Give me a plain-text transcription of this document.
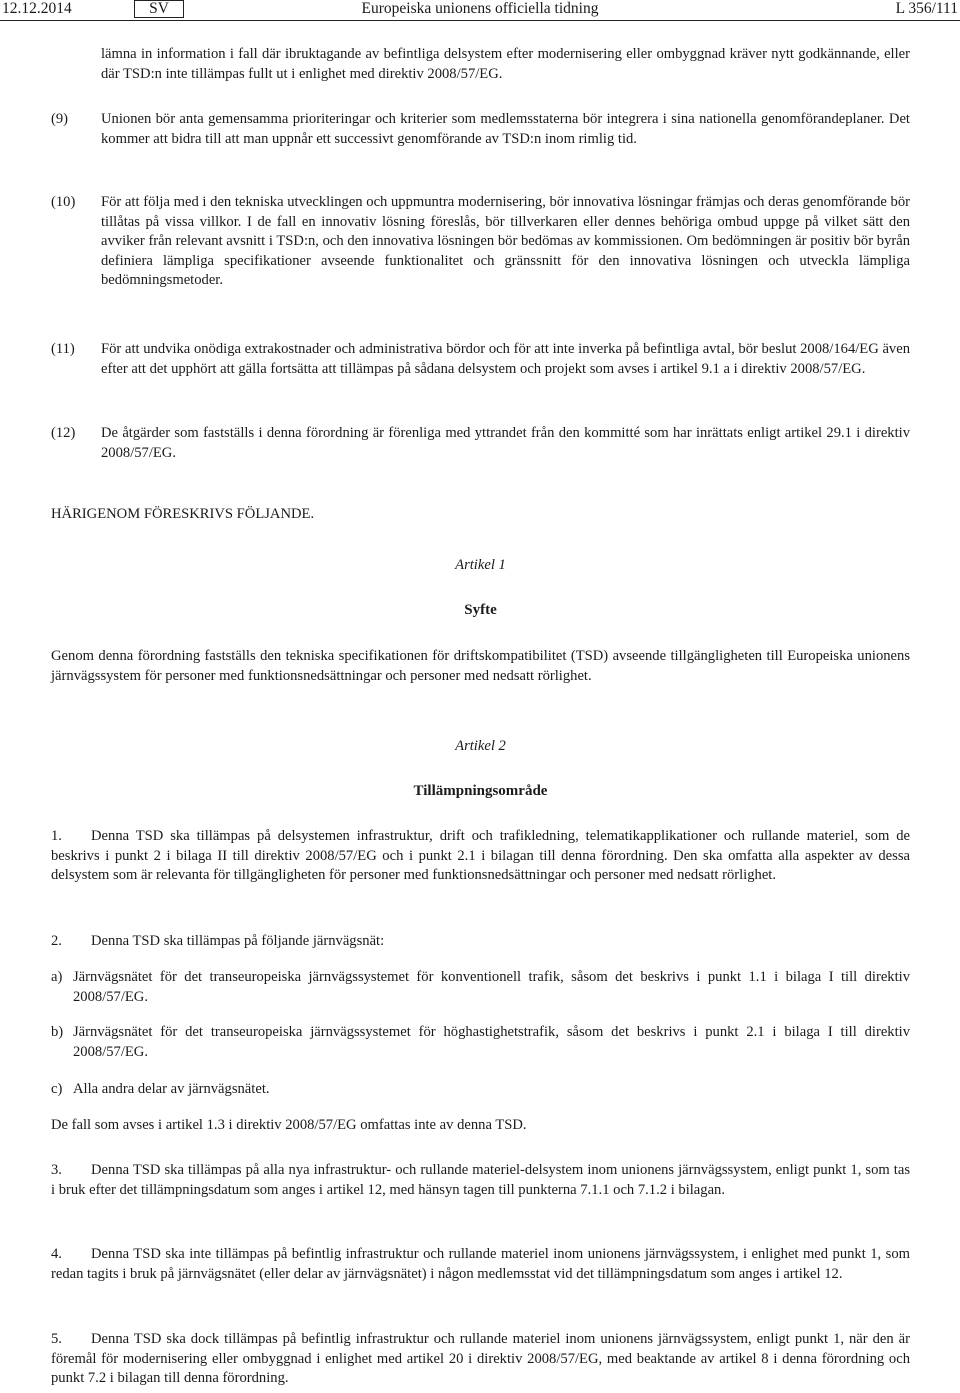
12.12.2014	SV	Europeiska unionens officiella tidning	L 356/111
lämna in information i fall där ibruktagande av befintliga delsystem efter modernisering eller ombyggnad kräver nytt godkännande, eller där TSD:n inte tillämpas fullt ut i enlighet med direktiv 2008/57/EG.
(9) Unionen bör anta gemensamma prioriteringar och kriterier som medlemsstaterna bör integrera i sina nationella genomförandeplaner. Det kommer att bidra till att man uppnår ett successivt genomförande av TSD:n inom rimlig tid.
(10) För att följa med i den tekniska utvecklingen och uppmuntra modernisering, bör innovativa lösningar främjas och deras genomförande bör tillåtas på vissa villkor. I de fall en innovativ lösning föreslås, bör tillverkaren eller dennes behöriga ombud uppge på vilket sätt den avviker från relevant avsnitt i TSD:n, och den innovativa lösningen bör bedömas av kommissionen. Om bedömningen är positiv bör byrån definiera lämpliga specifikationer avseende funktionalitet och gränssnitt för den innovativa lösningen och utveckla lämpliga bedömningsmetoder.
(11) För att undvika onödiga extrakostnader och administrativa bördor och för att inte inverka på befintliga avtal, bör beslut 2008/164/EG även efter att det upphört att gälla fortsätta att tillämpas på sådana delsystem och projekt som avses i artikel 9.1 a i direktiv 2008/57/EG.
(12) De åtgärder som fastställs i denna förordning är förenliga med yttrandet från den kommitté som har inrättats enligt artikel 29.1 i direktiv 2008/57/EG.
HÄRIGENOM FÖRESKRIVS FÖLJANDE.
Artikel 1
Syfte
Genom denna förordning fastställs den tekniska specifikationen för driftskompatibilitet (TSD) avseende tillgängligheten till Europeiska unionens järnvägssystem för personer med funktionsnedsättningar och personer med nedsatt rörlighet.
Artikel 2
Tillämpningsområde
1. Denna TSD ska tillämpas på delsystemen infrastruktur, drift och trafikledning, telematikapplikationer och rullande materiel, som de beskrivs i punkt 2 i bilaga II till direktiv 2008/57/EG och i punkt 2.1 i bilagan till denna förordning. Den ska omfatta alla aspekter av dessa delsystem som är relevanta för tillgängligheten för personer med funktionsnedsättningar och personer med nedsatt rörlighet.
2. Denna TSD ska tillämpas på följande järnvägsnät:
a) Järnvägsnätet för det transeuropeiska järnvägssystemet för konventionell trafik, såsom det beskrivs i punkt 1.1 i bilaga I till direktiv 2008/57/EG.
b) Järnvägsnätet för det transeuropeiska järnvägssystemet för höghastighetstrafik, såsom det beskrivs i punkt 2.1 i bilaga I till direktiv 2008/57/EG.
c) Alla andra delar av järnvägsnätet.
De fall som avses i artikel 1.3 i direktiv 2008/57/EG omfattas inte av denna TSD.
3. Denna TSD ska tillämpas på alla nya infrastruktur- och rullande materiel-delsystem inom unionens järnvägssystem, enligt punkt 1, som tas i bruk efter det tillämpningsdatum som anges i artikel 12, med hänsyn tagen till punkterna 7.1.1 och 7.1.2 i bilagan.
4. Denna TSD ska inte tillämpas på befintlig infrastruktur och rullande materiel inom unionens järnvägssystem, i enlighet med punkt 1, som redan tagits i bruk på järnvägsnätet (eller delar av järnvägsnätet) i någon medlemsstat vid det tillämpningsdatum som anges i artikel 12.
5. Denna TSD ska dock tillämpas på befintlig infrastruktur och rullande materiel inom unionens järnvägssystem, enligt punkt 1, när den är föremål för modernisering eller ombyggnad i enlighet med artikel 20 i direktiv 2008/57/EG, med beaktande av artikel 8 i denna förordning och punkt 7.2 i bilagan till denna förordning.
